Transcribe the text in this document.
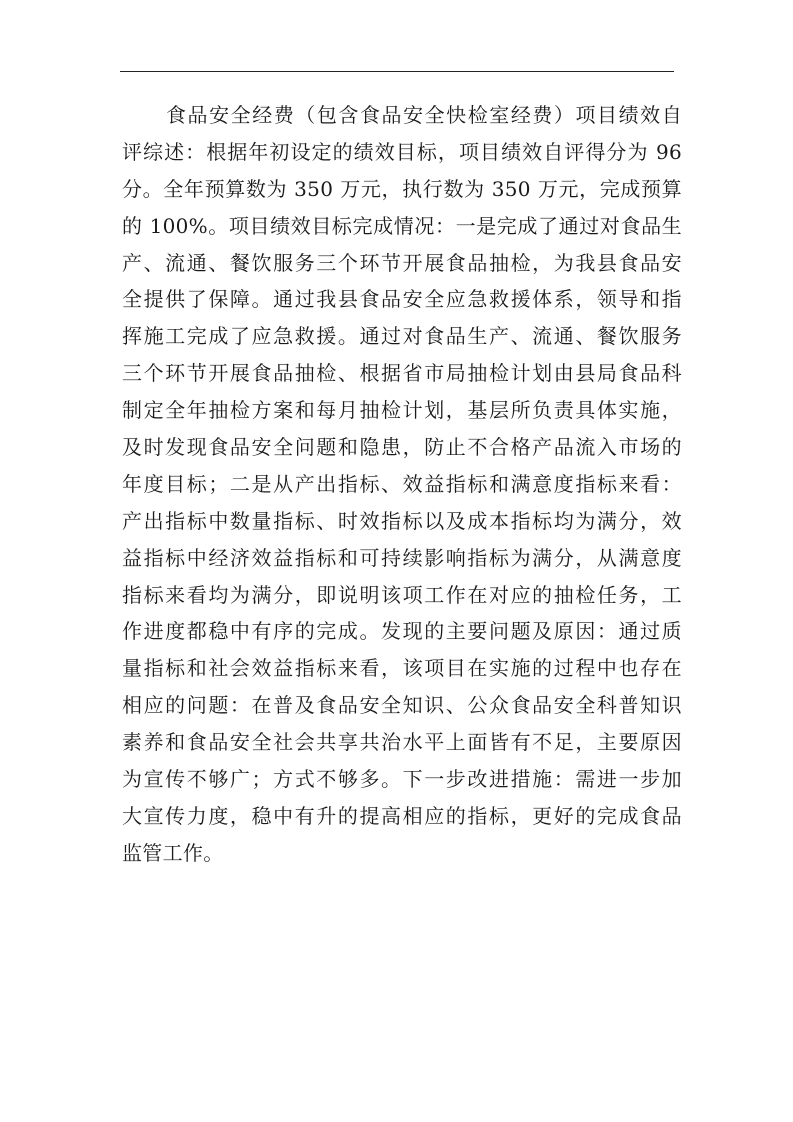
食品安全经费（包含食品安全快检室经费）项目绩效自
评综述：根据年初设定的绩效目标，项目绩效自评得分为 96
分。全年预算数为 350 万元，执行数为 350 万元，完成预算
的 100%。项目绩效目标完成情况：一是完成了通过对食品生
产、流通、餐饮服务三个环节开展食品抽检，为我县食品安
全提供了保障。通过我县食品安全应急救援体系，领导和指
挥施工完成了应急救援。通过对食品生产、流通、餐饮服务
三个环节开展食品抽检、根据省市局抽检计划由县局食品科
制定全年抽检方案和每月抽检计划，基层所负责具体实施，
及时发现食品安全问题和隐患，防止不合格产品流入市场的
年度目标；二是从产出指标、效益指标和满意度指标来看：
产出指标中数量指标、时效指标以及成本指标均为满分，效
益指标中经济效益指标和可持续影响指标为满分，从满意度
指标来看均为满分，即说明该项工作在对应的抽检任务，工
作进度都稳中有序的完成。发现的主要问题及原因：通过质
量指标和社会效益指标来看，该项目在实施的过程中也存在
相应的问题：在普及食品安全知识、公众食品安全科普知识
素养和食品安全社会共享共治水平上面皆有不足，主要原因
为宣传不够广；方式不够多。下一步改进措施：需进一步加
大宣传力度，稳中有升的提高相应的指标，更好的完成食品
监管工作。
